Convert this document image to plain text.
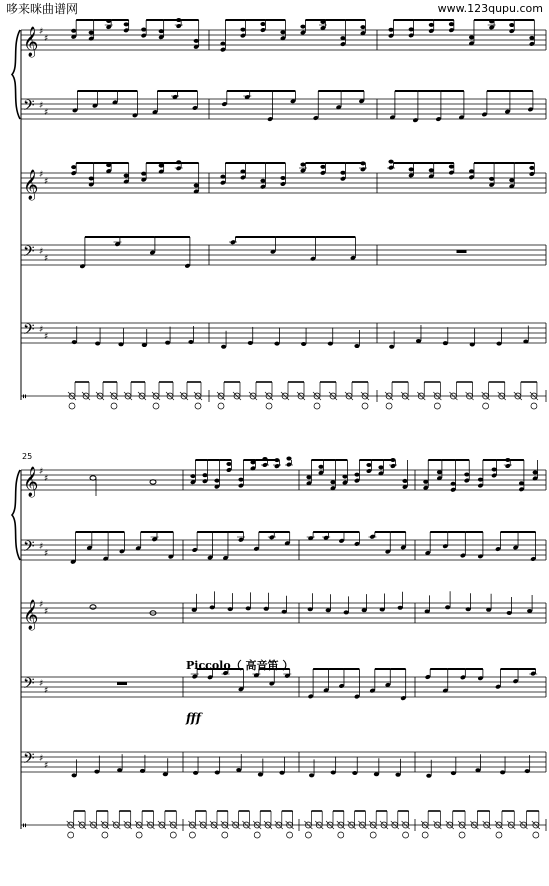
𝄞 ♯
♯
𝄢 ♯
♯
𝄞 ♯
♯
𝄢 ♯
♯
𝄢 ♯
♯
𝄥
𝄞 ♯
♯
𝄢 ♯
♯
𝄞 ♯
♯
𝄢 ♯
♯
𝄢 ♯
♯
𝄥
哆来咪曲谱网	www.123qupu.com
25
Piccolo（ 高音笛 ）
fff
